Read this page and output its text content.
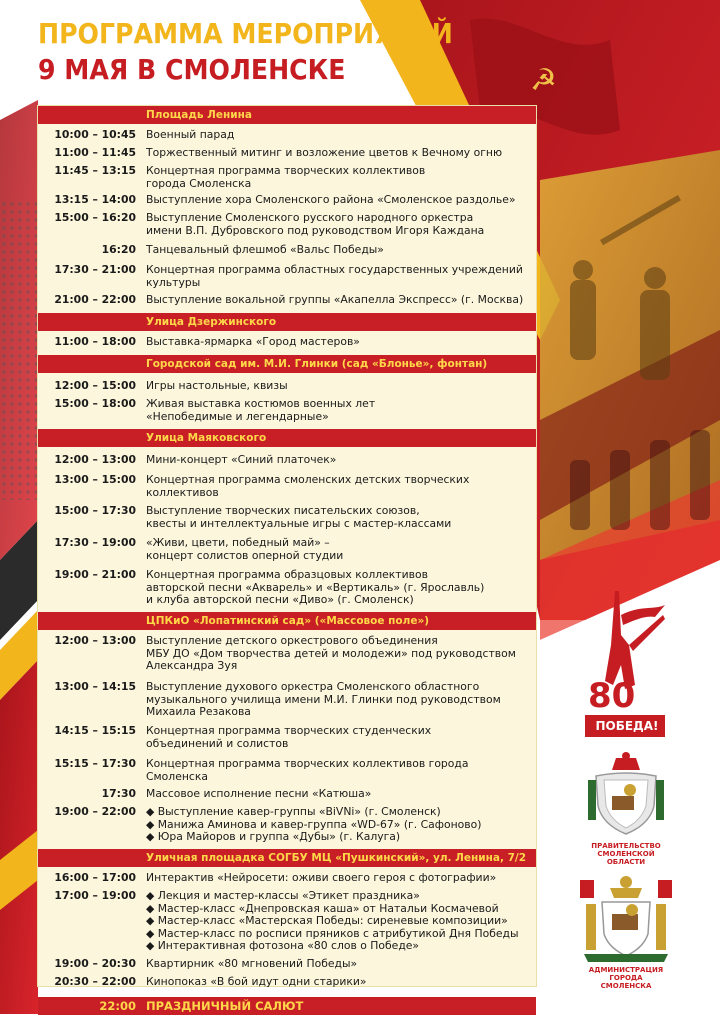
☭
ПРОГРАММА МЕРОПРИЯТИЙ
9 МАЯ В СМОЛЕНСКЕ
Площадь Ленина
10:00 – 10:45 Военный парад
11:00 – 11:45 Торжественный митинг и возложение цветов к Вечному огню
11:45 – 13:15 Концертная программа творческих коллективов
города Смоленска
13:15 – 14:00 Выступление хора Смоленского района «Смоленское раздолье»
15:00 – 16:20 Выступление Смоленского русского народного оркестра
имени В.П. Дубровского под руководством Игоря Каждана
16:20 Танцевальный флешмоб «Вальс Победы»
17:30 – 21:00 Концертная программа областных государственных учреждений
культуры
21:00 – 22:00 Выступление вокальной группы «Акапелла Экспресс» (г. Москва)
Улица Дзержинского
11:00 – 18:00 Выставка-ярмарка «Город мастеров»
Городской сад им. М.И. Глинки (сад «Блонье», фонтан)
12:00 – 15:00 Игры настольные, квизы
15:00 – 18:00 Живая выставка костюмов военных лет
«Непобедимые и легендарные»
Улица Маяковского
12:00 – 13:00 Мини-концерт «Синий платочек»
13:00 – 15:00 Концертная программа смоленских детских творческих
коллективов
15:00 – 17:30 Выступление творческих писательских союзов,
квесты и интеллектуальные игры с мастер-классами
17:30 – 19:00 «Живи, цвети, победный май» –
концерт солистов оперной студии
19:00 – 21:00 Концертная программа образцовых коллективов
авторской песни «Акварель» и «Вертикаль» (г. Ярославль)
и клуба авторской песни «Диво» (г. Смоленск)
ЦПКиО «Лопатинский сад» («Массовое поле»)
12:00 – 13:00 Выступление детского оркестрового объединения
МБУ ДО «Дом творчества детей и молодежи» под руководством
Александра Зуя
13:00 – 14:15 Выступление духового оркестра Смоленского областного
музыкального училища имени М.И. Глинки под руководством
Михаила Резакова
14:15 – 15:15 Концертная программа творческих студенческих
объединений и солистов
15:15 – 17:30 Концертная программа творческих коллективов города
Смоленска
17:30 Массовое исполнение песни «Катюша»
19:00 – 22:00 ◆ Выступление кавер-группы «BiVNi» (г. Смоленск)
◆ Манижа Аминова и кавер-группа «WD-67» (г. Сафоново)
◆ Юра Майоров и группа «Дубы» (г. Калуга)
Уличная площадка СОГБУ МЦ «Пушкинский», ул. Ленина, 7/2
16:00 – 17:00 Интерактив «Нейросети: оживи своего героя с фотографии»
17:00 – 19:00 ◆ Лекция и мастер-классы «Этикет праздника»
◆ Мастер-класс «Днепровская каша» от Натальи Космачевой
◆ Мастер-класс «Мастерская Победы: сиреневые композиции»
◆ Мастер-класс по росписи пряников с атрибутикой Дня Победы
◆ Интерактивная фотозона «80 слов о Победе»
19:00 – 20:30 Квартирник «80 мгновений Победы»
20:30 – 22:00 Кинопоказ «В бой идут одни старики»
22:00 ПРАЗДНИЧНЫЙ САЛЮТ
80
ПОБЕДА!
ПРАВИТЕЛЬСТВО
СМОЛЕНСКОЙ
ОБЛАСТИ
АДМИНИСТРАЦИЯ
ГОРОДА
СМОЛЕНСКА
